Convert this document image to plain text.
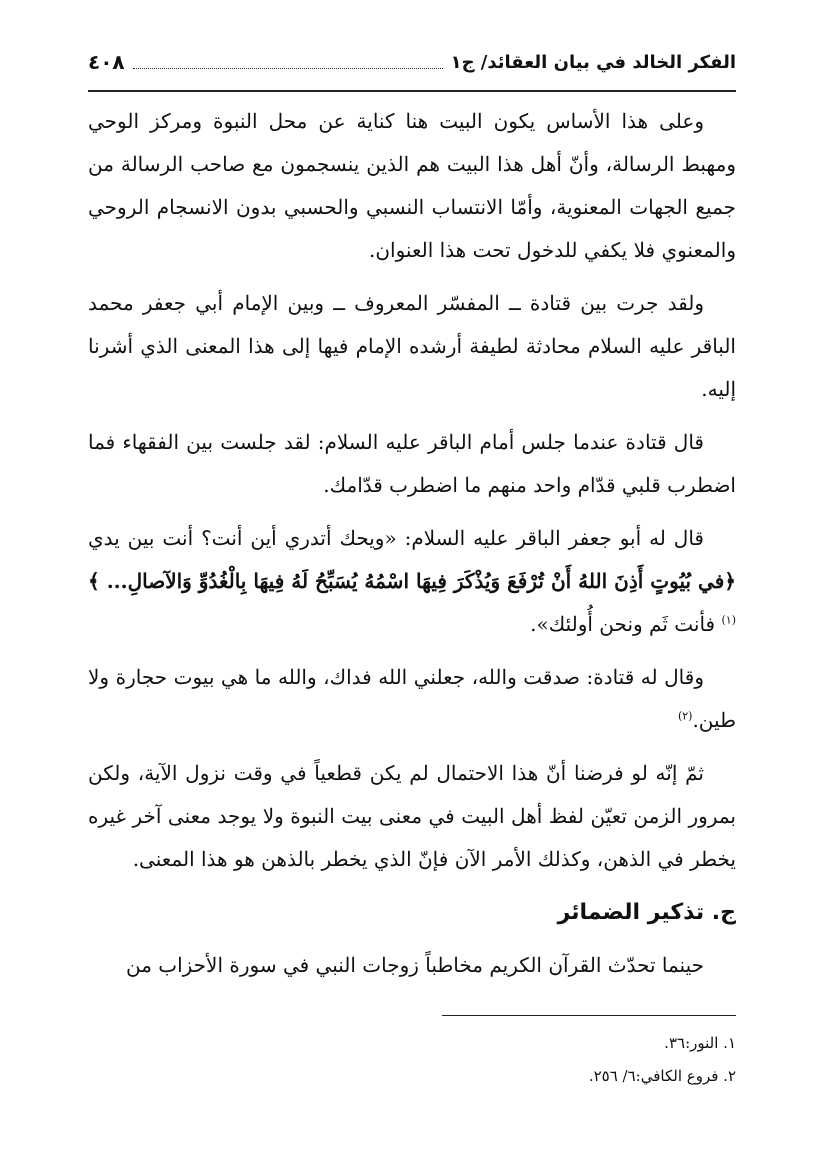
الفكر الخالد في بيان العقائد/ ج١
٤٠٨

وعلى هذا الأساس يكون البيت هنا كناية عن محل النبوة ومركز الوحي ومهبط الرسالة، وأنّ أهل هذا البيت هم الذين ينسجمون مع صاحب الرسالة من جميع الجهات المعنوية، وأمّا الانتساب النسبي والحسبي بدون الانسجام الروحي والمعنوي فلا يكفي للدخول تحت هذا العنوان.

ولقد جرت بين قتادة ــ المفسّر المعروف ــ وبين الإمام أبي جعفر محمد الباقر عليه السلام محادثة لطيفة أرشده الإمام فيها إلى هذا المعنى الذي أشرنا إليه.

قال قتادة عندما جلس أمام الباقر عليه السلام: لقد جلست بين الفقهاء فما اضطرب قلبي قدّام واحد منهم ما اضطرب قدّامك.

قال له أبو جعفر الباقر عليه السلام: «ويحك أتدري أين أنت؟ أنت بين يدي ﴿في بُيُوتٍ أَذِنَ اللهُ أَنْ تُرْفَعَ وَيُذْكَرَ فِيهَا اسْمُهُ يُسَبِّحُ لَهُ فِيهَا بِالْغُدُوِّ وَالآصالِ... ﴾$^{(١)}$ فأنت ثَم ونحن أُولئك».

وقال له قتادة: صدقت والله، جعلني الله فداك، والله ما هي بيوت حجارة ولا طين.$^{(٢)}$

ثمّ إنّه لو فرضنا أنّ هذا الاحتمال لم يكن قطعياً في وقت نزول الآية، ولكن بمرور الزمن تعيّن لفظ أهل البيت في معنى بيت النبوة ولا يوجد معنى آخر غيره يخطر في الذهن، وكذلك الأمر الآن فإنّ الذي يخطر بالذهن هو هذا المعنى.

ج. تذكير الضمائر
حينما تحدّث القرآن الكريم مخاطباً زوجات النبي في سورة الأحزاب من
١. النور:٣٦.
٢. فروع الكافي:٦/ ٢٥٦.
